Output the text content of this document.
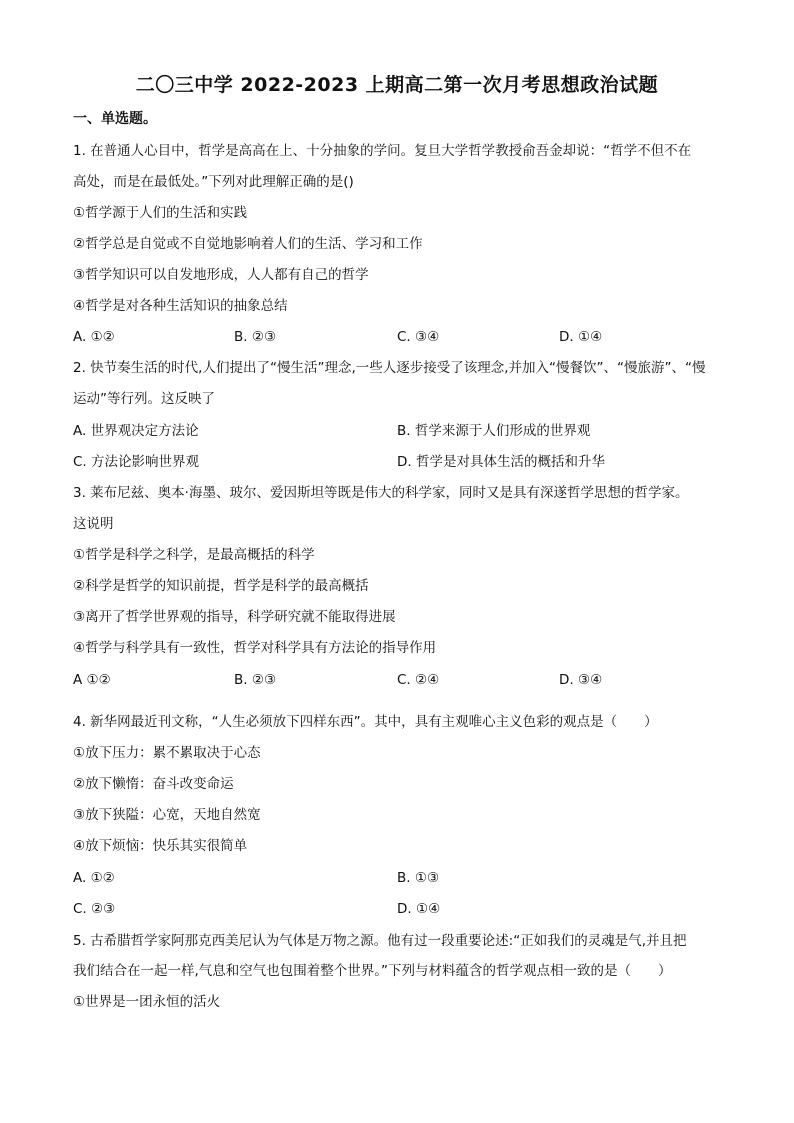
二〇三中学 2022-2023 上期高二第一次月考思想政治试题
一、单选题。
1. 在普通人心目中，哲学是高高在上、十分抽象的学问。复旦大学哲学教授俞吾金却说：“哲学不但不在
高处，而是在最低处。”下列对此理解正确的是()
①哲学源于人们的生活和实践
②哲学总是自觉或不自觉地影响着人们的生活、学习和工作
③哲学知识可以自发地形成，人人都有自己的哲学
④哲学是对各种生活知识的抽象总结
A. ①②	B. ②③	C. ③④	D. ①④
2. 快节奏生活的时代,人们提出了“慢生活”理念,一些人逐步接受了该理念,并加入“慢餐饮”、“慢旅游”、“慢
运动”等行列。这反映了
A. 世界观决定方法论	B. 哲学来源于人们形成的世界观
C. 方法论影响世界观	D. 哲学是对具体生活的概括和升华
3. 莱布尼兹、奥本·海墨、玻尔、爱因斯坦等既是伟大的科学家，同时又是具有深遂哲学思想的哲学家。
这说明
①哲学是科学之科学，是最高概括的科学
②科学是哲学的知识前提，哲学是科学的最高概括
③离开了哲学世界观的指导，科学研究就不能取得进展
④哲学与科学具有一致性，哲学对科学具有方法论的指导作用
A ①②	B. ②③	C. ②④	D. ③④
4. 新华网最近刊文称，“人生必须放下四样东西”。其中，具有主观唯心主义色彩的观点是（　　）
①放下压力：累不累取决于心态
②放下懒惰：奋斗改变命运
③放下狭隘：心宽，天地自然宽
④放下烦恼：快乐其实很简单
A. ①②	B. ①③
C. ②③	D. ①④
5. 古希腊哲学家阿那克西美尼认为气体是万物之源。他有过一段重要论述:“正如我们的灵魂是气,并且把
我们结合在一起一样,气息和空气也包围着整个世界。”下列与材料蕴含的哲学观点相一致的是（　　）
①世界是一团永恒的活火
